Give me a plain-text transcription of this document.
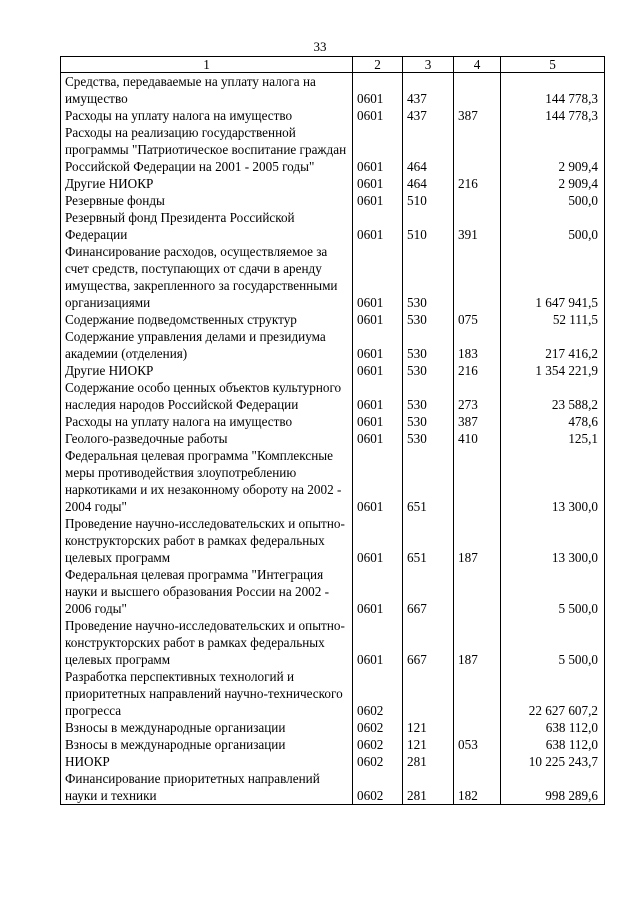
33
1	2	3	4	5
Средства, передаваемые на уплату налога на имущество	0601	437		144 778,3
Расходы на уплату налога на имущество	0601	437	387	144 778,3
Расходы на реализацию государственной программы "Патриотическое воспитание граждан Российской Федерации на 2001 - 2005 годы"	0601	464		2 909,4
Другие НИОКР	0601	464	216	2 909,4
Резервные фонды	0601	510		500,0
Резервный фонд Президента Российской Федерации	0601	510	391	500,0
Финансирование расходов, осуществляемое за счет средств, поступающих от сдачи в аренду имущества, закрепленного за государственными организациями	0601	530		1 647 941,5
Содержание подведомственных структур	0601	530	075	52 111,5
Содержание управления делами и президиума академии (отделения)	0601	530	183	217 416,2
Другие НИОКР	0601	530	216	1 354 221,9
Содержание особо ценных объектов культурного наследия народов Российской Федерации	0601	530	273	23 588,2
Расходы на уплату налога на имущество	0601	530	387	478,6
Геолого-разведочные работы	0601	530	410	125,1
Федеральная целевая программа "Комплексные меры противодействия злоупотреблению наркотиками и их незаконному обороту на 2002 - 2004 годы"	0601	651		13 300,0
Проведение научно-исследовательских и опытно-конструкторских работ в рамках федеральных целевых программ	0601	651	187	13 300,0
Федеральная целевая программа "Интеграция науки и высшего образования России на 2002 - 2006 годы"	0601	667		5 500,0
Проведение научно-исследовательских и опытно-конструкторских работ в рамках федеральных целевых программ	0601	667	187	5 500,0
Разработка перспективных технологий и приоритетных направлений научно-технического прогресса	0602			22 627 607,2
Взносы в международные организации	0602	121		638 112,0
Взносы в международные организации	0602	121	053	638 112,0
НИОКР	0602	281		10 225 243,7
Финансирование приоритетных направлений науки и техники	0602	281	182	998 289,6
